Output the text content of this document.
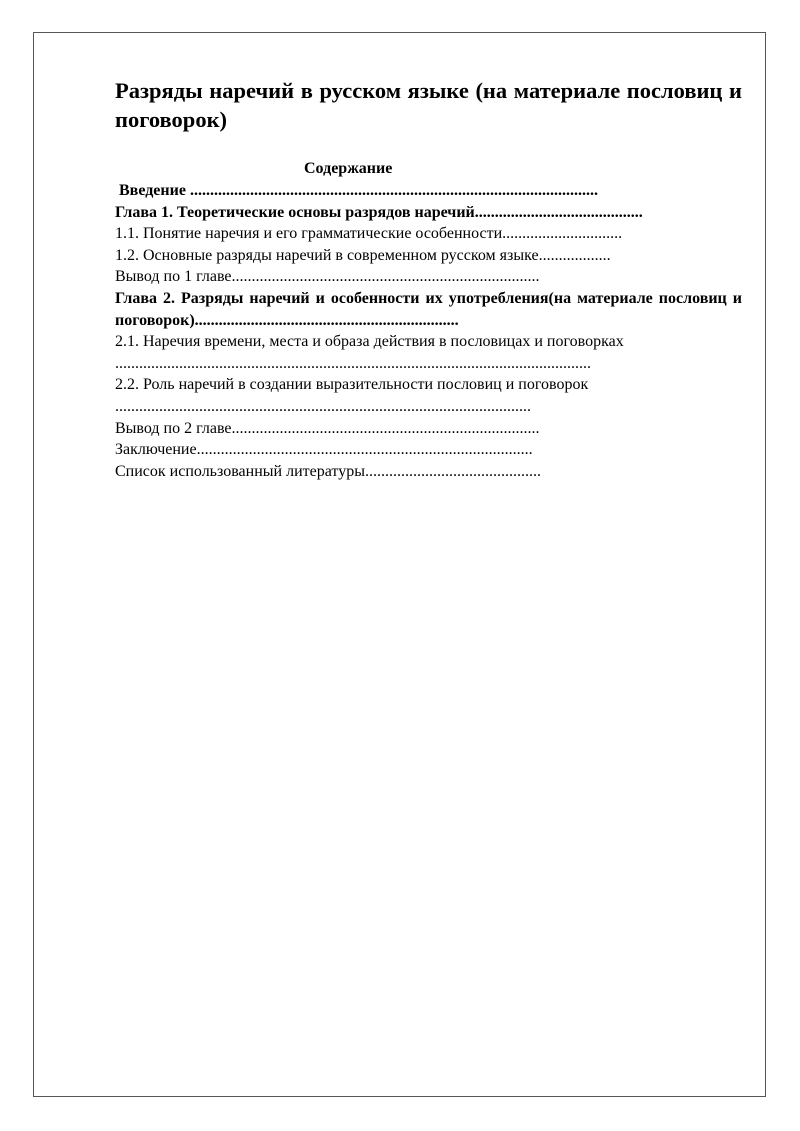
Разряды наречий в русском языке (на материале пословиц и поговорок)
Содержание
Введение ......................................................................................................
Глава 1. Теоретические основы разрядов наречий..........................................
1.1. Понятие наречия и его грамматические особенности..............................
1.2. Основные разряды наречий в современном русском языке..................
Вывод по 1 главе.............................................................................
Глава 2. Разряды наречий и особенности их употребления(на материале пословиц и поговорок)..................................................................
2.1. Наречия времени, места и образа действия в пословицах и поговорках
.......................................................................................................................
2.2. Роль наречий в создании выразительности пословиц и поговорок
........................................................................................................
Вывод по 2 главе.............................................................................
Заключение....................................................................................
Список использованный литературы............................................
